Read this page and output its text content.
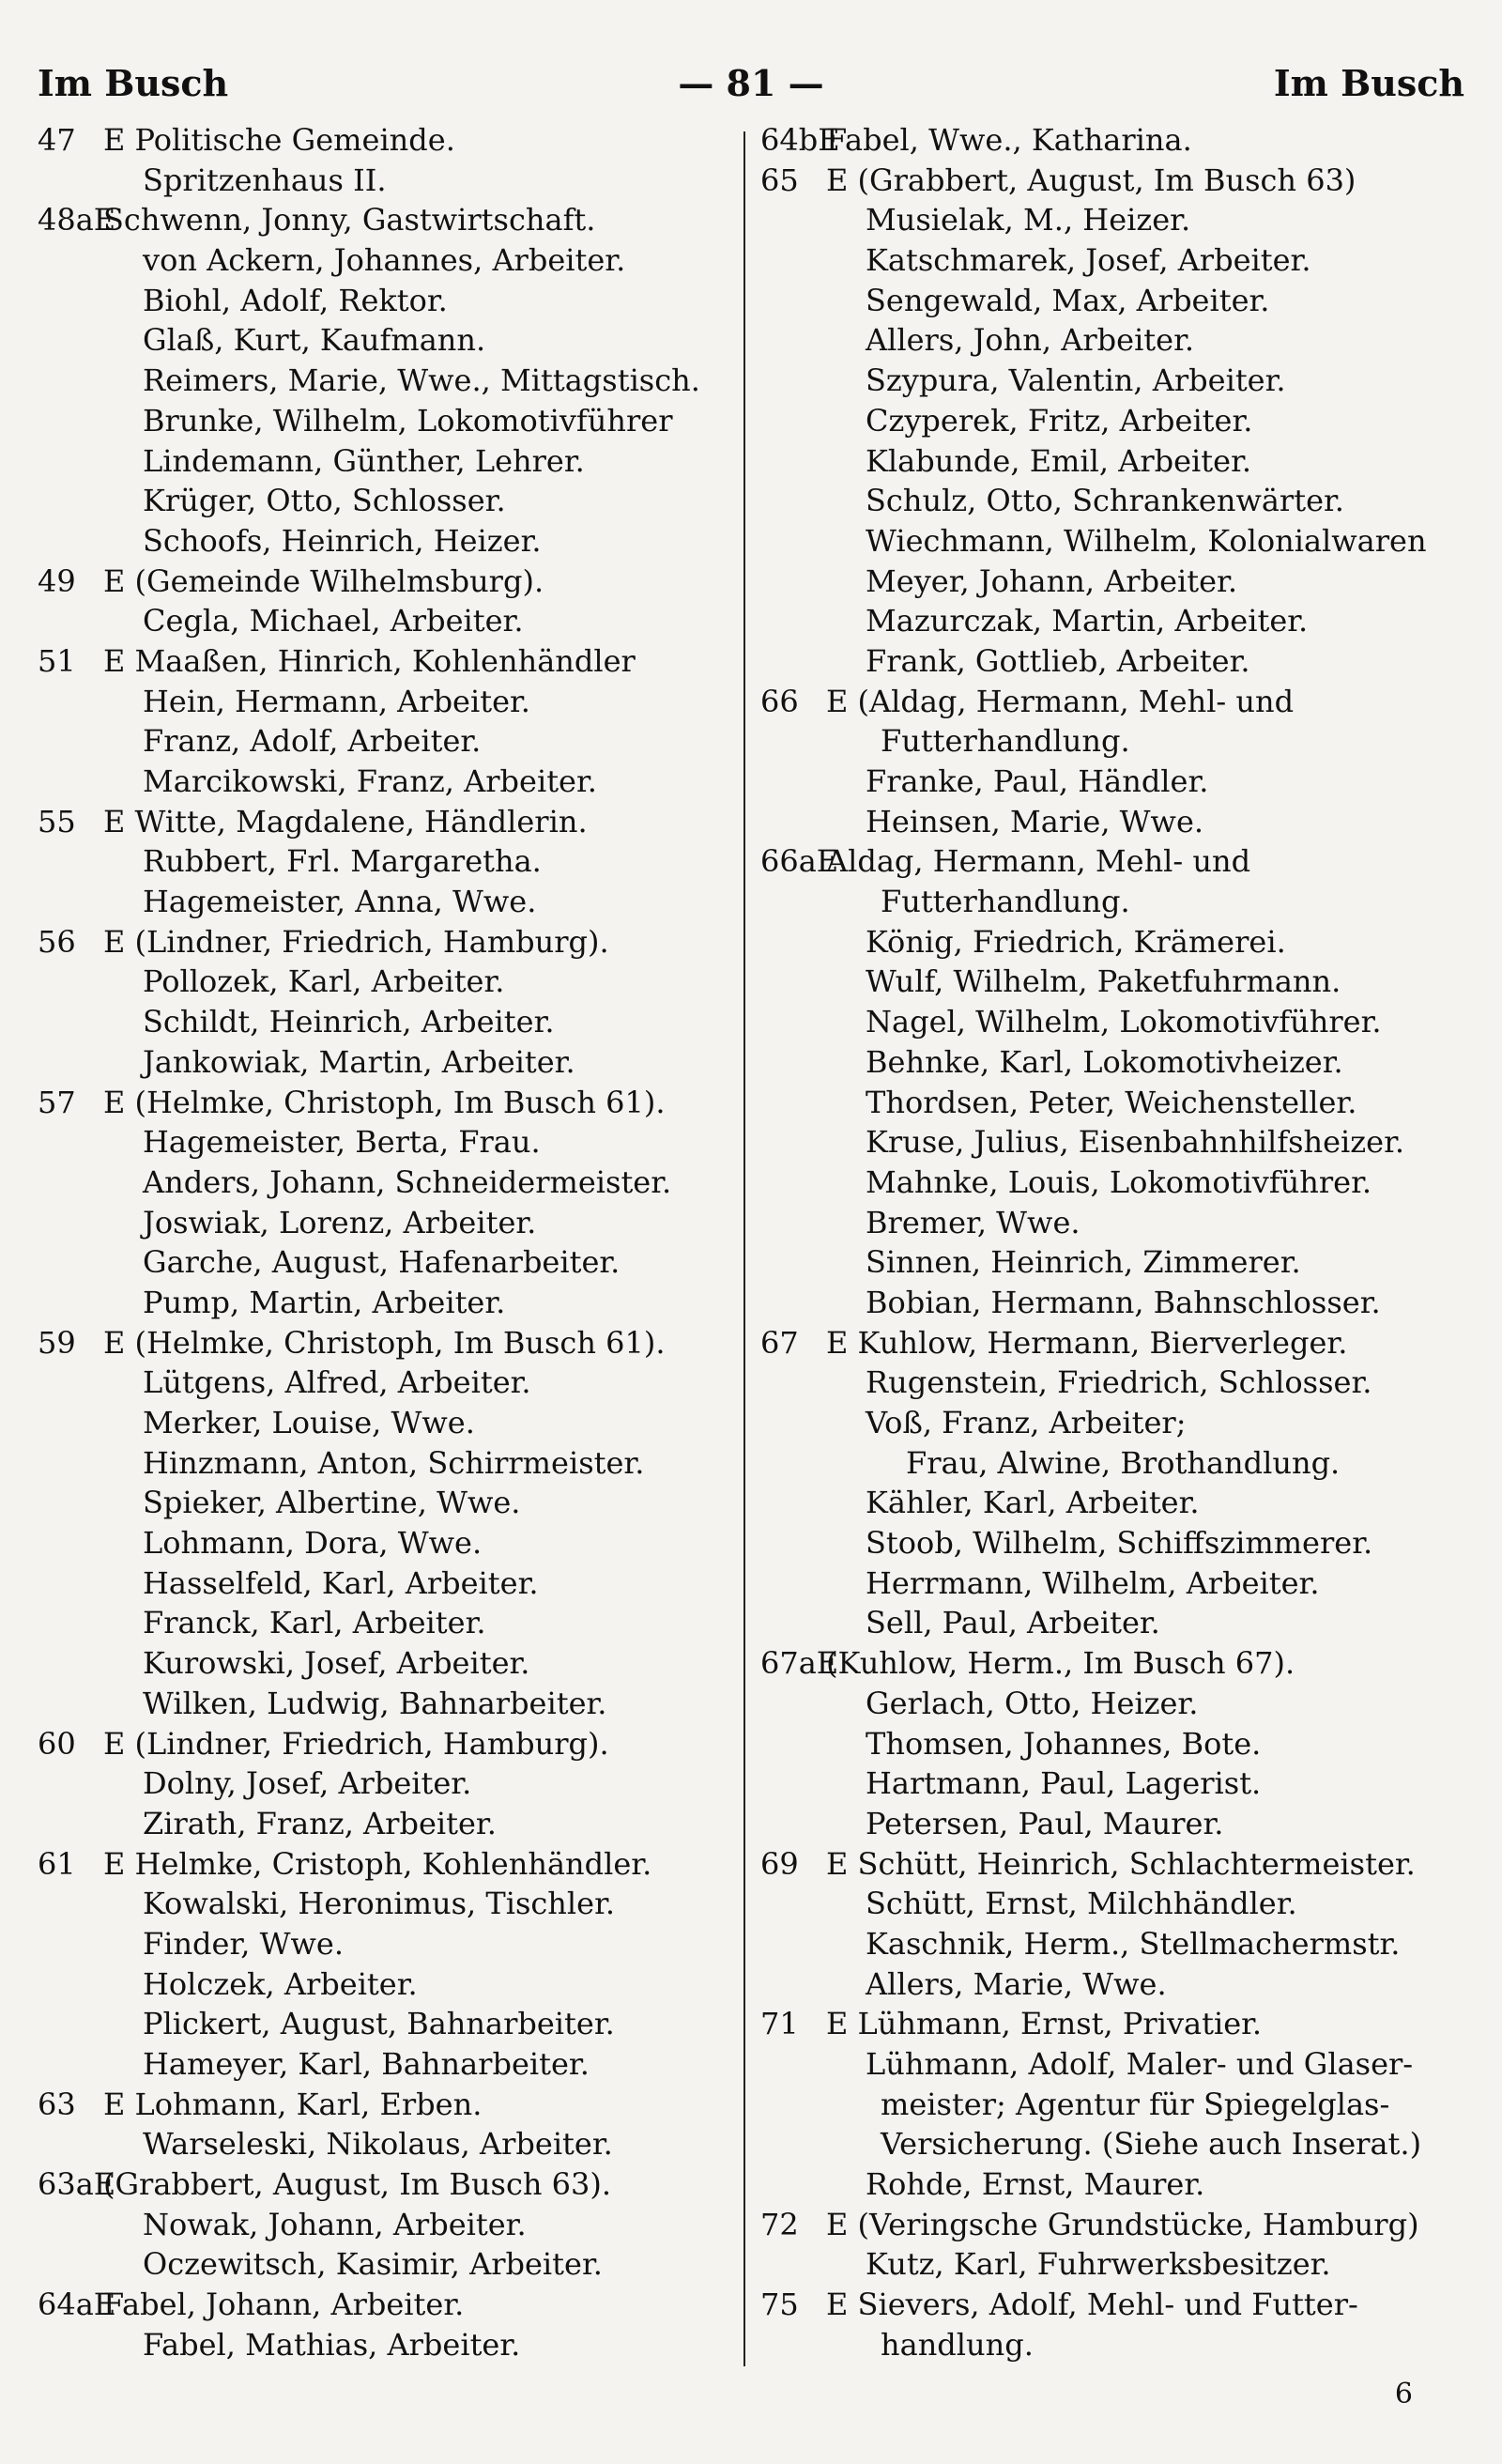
Im Busch	— 81 —	Im Busch
47 E Politische Gemeinde.
Spritzenhaus II.
48aE
Schwenn, Jonny, Gastwirtschaft.
von Ackern, Johannes, Arbeiter.
Biohl, Adolf, Rektor.
Glaß, Kurt, Kaufmann.
Reimers, Marie, Wwe., Mittagstisch.
Brunke, Wilhelm, Lokomotivführer
Lindemann, Günther, Lehrer.
Krüger, Otto, Schlosser.
Schoofs, Heinrich, Heizer.
49 E (Gemeinde Wilhelmsburg).
Cegla, Michael, Arbeiter.
51 E Maaßen, Hinrich, Kohlenhändler
Hein, Hermann, Arbeiter.
Franz, Adolf, Arbeiter.
Marcikowski, Franz, Arbeiter.
55 E Witte, Magdalene, Händlerin.
Rubbert, Frl. Margaretha.
Hagemeister, Anna, Wwe.
56 E (Lindner, Friedrich, Hamburg).
Pollozek, Karl, Arbeiter.
Schildt, Heinrich, Arbeiter.
Jankowiak, Martin, Arbeiter.
57 E (Helmke, Christoph, Im Busch 61).
Hagemeister, Berta, Frau.
Anders, Johann, Schneidermeister.
Joswiak, Lorenz, Arbeiter.
Garche, August, Hafenarbeiter.
Pump, Martin, Arbeiter.
59 E (Helmke, Christoph, Im Busch 61).
Lütgens, Alfred, Arbeiter.
Merker, Louise, Wwe.
Hinzmann, Anton, Schirrmeister.
Spieker, Albertine, Wwe.
Lohmann, Dora, Wwe.
Hasselfeld, Karl, Arbeiter.
Franck, Karl, Arbeiter.
Kurowski, Josef, Arbeiter.
Wilken, Ludwig, Bahnarbeiter.
60 E (Lindner, Friedrich, Hamburg).
Dolny, Josef, Arbeiter.
Zirath, Franz, Arbeiter.
61 E Helmke, Cristoph, Kohlenhändler.
Kowalski, Heronimus, Tischler.
Finder, Wwe.
Holczek, Arbeiter.
Plickert, August, Bahnarbeiter.
Hameyer, Karl, Bahnarbeiter.
63 E Lohmann, Karl, Erben.
Warseleski, Nikolaus, Arbeiter.
63aE
(Grabbert, August, Im Busch 63).
Nowak, Johann, Arbeiter.
Oczewitsch, Kasimir, Arbeiter.
64aE
Fabel, Johann, Arbeiter.
Fabel, Mathias, Arbeiter.
64bE
Fabel, Wwe., Katharina.
65 E (Grabbert, August, Im Busch 63)
Musielak, M., Heizer.
Katschmarek, Josef, Arbeiter.
Sengewald, Max, Arbeiter.
Allers, John, Arbeiter.
Szypura, Valentin, Arbeiter.
Czyperek, Fritz, Arbeiter.
Klabunde, Emil, Arbeiter.
Schulz, Otto, Schrankenwärter.
Wiechmann, Wilhelm, Kolonialwaren
Meyer, Johann, Arbeiter.
Mazurczak, Martin, Arbeiter.
Frank, Gottlieb, Arbeiter.
66 E (Aldag, Hermann, Mehl- und
Futterhandlung.
Franke, Paul, Händler.
Heinsen, Marie, Wwe.
66aE
Aldag, Hermann, Mehl- und
Futterhandlung.
König, Friedrich, Krämerei.
Wulf, Wilhelm, Paketfuhrmann.
Nagel, Wilhelm, Lokomotivführer.
Behnke, Karl, Lokomotivheizer.
Thordsen, Peter, Weichensteller.
Kruse, Julius, Eisenbahnhilfsheizer.
Mahnke, Louis, Lokomotivführer.
Bremer, Wwe.
Sinnen, Heinrich, Zimmerer.
Bobian, Hermann, Bahnschlosser.
67 E Kuhlow, Hermann, Bierverleger.
Rugenstein, Friedrich, Schlosser.
Voß, Franz, Arbeiter;
Frau, Alwine, Brothandlung.
Kähler, Karl, Arbeiter.
Stoob, Wilhelm, Schiffszimmerer.
Herrmann, Wilhelm, Arbeiter.
Sell, Paul, Arbeiter.
67aE
(Kuhlow, Herm., Im Busch 67).
Gerlach, Otto, Heizer.
Thomsen, Johannes, Bote.
Hartmann, Paul, Lagerist.
Petersen, Paul, Maurer.
69 E Schütt, Heinrich, Schlachtermeister.
Schütt, Ernst, Milchhändler.
Kaschnik, Herm., Stellmachermstr.
Allers, Marie, Wwe.
71 E Lühmann, Ernst, Privatier.
Lühmann, Adolf, Maler- und Glaser-
meister; Agentur für Spiegelglas-
Versicherung. (Siehe auch Inserat.)
Rohde, Ernst, Maurer.
72 E (Veringsche Grundstücke, Hamburg)
Kutz, Karl, Fuhrwerksbesitzer.
75 E Sievers, Adolf, Mehl- und Futter-
handlung.
6
